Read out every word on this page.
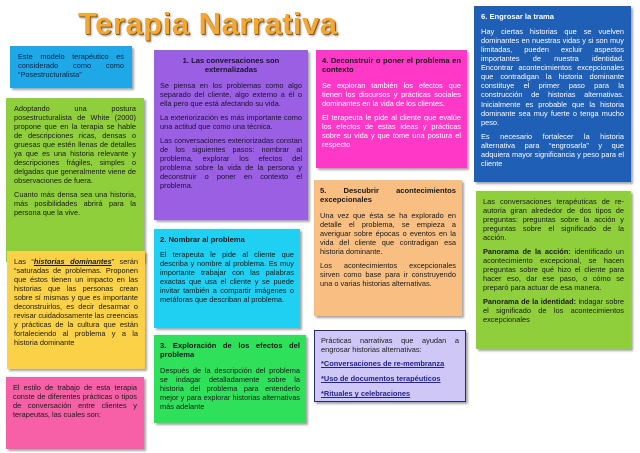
Terapia Narrativa

Este modelo terapéutico es considerado como como “Posestructuralista”

Adoptando una postura posestructuralista de White (2000) propone que en la terapia se hable de descripciones ricas, densas o gruesas que estén llenas de detalles ya que es una historia relevante y descripciones frágiles, simples o delgadas que generalmente viene de observaciones de fuera.

Cuanto más densa sea una historia, más posibilidades abrirá para la persona que la vive.

Las “historias dominantes” serán “saturadas de problemas. Proponen que éstos tienen un impacto en las historias que las personas crean sobre sí mismas y que es importante deconstruirlos, es decir desarmar o revisar cuidadosamente las creencias y prácticas de la cultura que están fortaleciendo al problema y a la historia dominante

El estilo de trabajo de esta terapia conste de diferentes prácticas o tipos de conversación entre clientes y terapeutas, las cuales son:

1. Las conversaciones son externalizadas

Se piensa en los problemas como algo separado del cliente, algo externo a él o ella pero que está afectando su vida.

La exteriorización es más importante como una actitud que como una técnica.

Las conversaciones exteriorizadas constan de los siguientes pasos: nombrar al problema, explorar los efectos del problema sobre la vida de la persona y deconstruir o poner en contexto el problema.

2. Nombrar al problema

El terapeuta le pide al cliente que describa y nombre al problema. Es muy importante trabajar con las palabras exactas que usa el cliente y se puede invitar también a compartir imágenes o metáforas que describan al problema.

3. Exploración de los efectos del problema

Después de la descripción del problema se indagar detalladamente sobre la historia del problema para entenderlo mejor y para explorar historias alternativas más adelante

4. Deconstruir o poner el problema en contexto

Se exploran también los efectos que tienen los discursos y prácticas sociales dominantes en la vida de los clientes.

El terapeuta le pide al cliente que evalúe los efectos de estas ideas y prácticas sobre su vida y que tome una postura el respecto

5. Descubrir acontecimientos excepcionales

Una vez que ésta se ha explorado en detalle el problema, se empieza a averiguar sobre épocas o eventos en la vida del cliente que contradigan esa historia dominante.

Los acontecimientos excepcionales sirven como base para ir construyendo una o varias historias alternativas.

Prácticas narrativas que ayudan a engrosar historias alternativas:

*Conversaciones de re-membranza
*Uso de documentos terapéuticos
*Rituales y celebraciones
6. Engrosar la trama

Hay ciertas historias que se vuelven dominantes en nuestras vidas y si son muy limitadas, pueden excluir aspectos importantes de nuestra identidad. Encontrar acontecimientos excepcionales que contradigan la historia dominante constituye el primer paso para la construcción de historias alternativas. Inicialmente es probable que la historia dominante sea muy fuerte o tenga mucho peso.

Es necesario fortalecer la historia alternativa para “engrosarla” y que adquiera mayor significancia y peso para el cliente

Las conversaciones terapéuticas de re-autoría giran alrededor de dos tipos de preguntas: preguntas sobre la acción y preguntas sobre el significado de la acción.

Panorama de la acción: identificado un acontecimiento excepcional, se hacen preguntas sobre qué hizo el cliente para hacer eso, dar ese paso, o cómo se preparó para actuar de esa manera.

Panorama de la identidad: indagar sobre el significado de los acontecimientos excepcionales
